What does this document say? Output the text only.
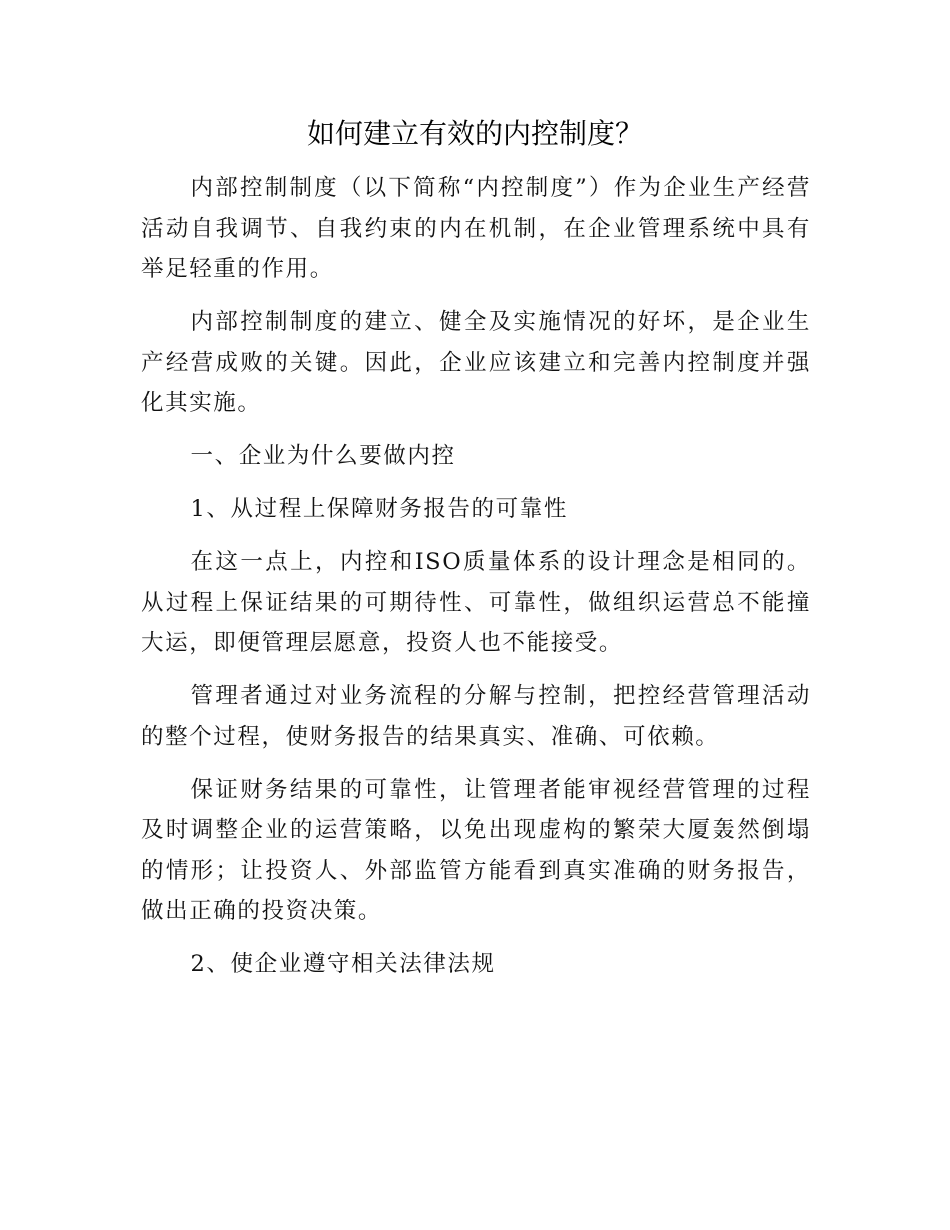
如何建立有效的内控制度？

内部控制制度（以下简称“内控制度”）作为企业生产经营活动自我调节、自我约束的内在机制，在企业管理系统中具有举足轻重的作用。

内部控制制度的建立、健全及实施情况的好坏，是企业生产经营成败的关键。因此，企业应该建立和完善内控制度并强化其实施。

一、企业为什么要做内控

1、从过程上保障财务报告的可靠性

在这一点上，内控和ISO质量体系的设计理念是相同的。从过程上保证结果的可期待性、可靠性，做组织运营总不能撞大运，即便管理层愿意，投资人也不能接受。

管理者通过对业务流程的分解与控制，把控经营管理活动的整个过程，使财务报告的结果真实、准确、可依赖。

保证财务结果的可靠性，让管理者能审视经营管理的过程及时调整企业的运营策略，以免出现虚构的繁荣大厦轰然倒塌的情形；让投资人、外部监管方能看到真实准确的财务报告，做出正确的投资决策。

2、使企业遵守相关法律法规
